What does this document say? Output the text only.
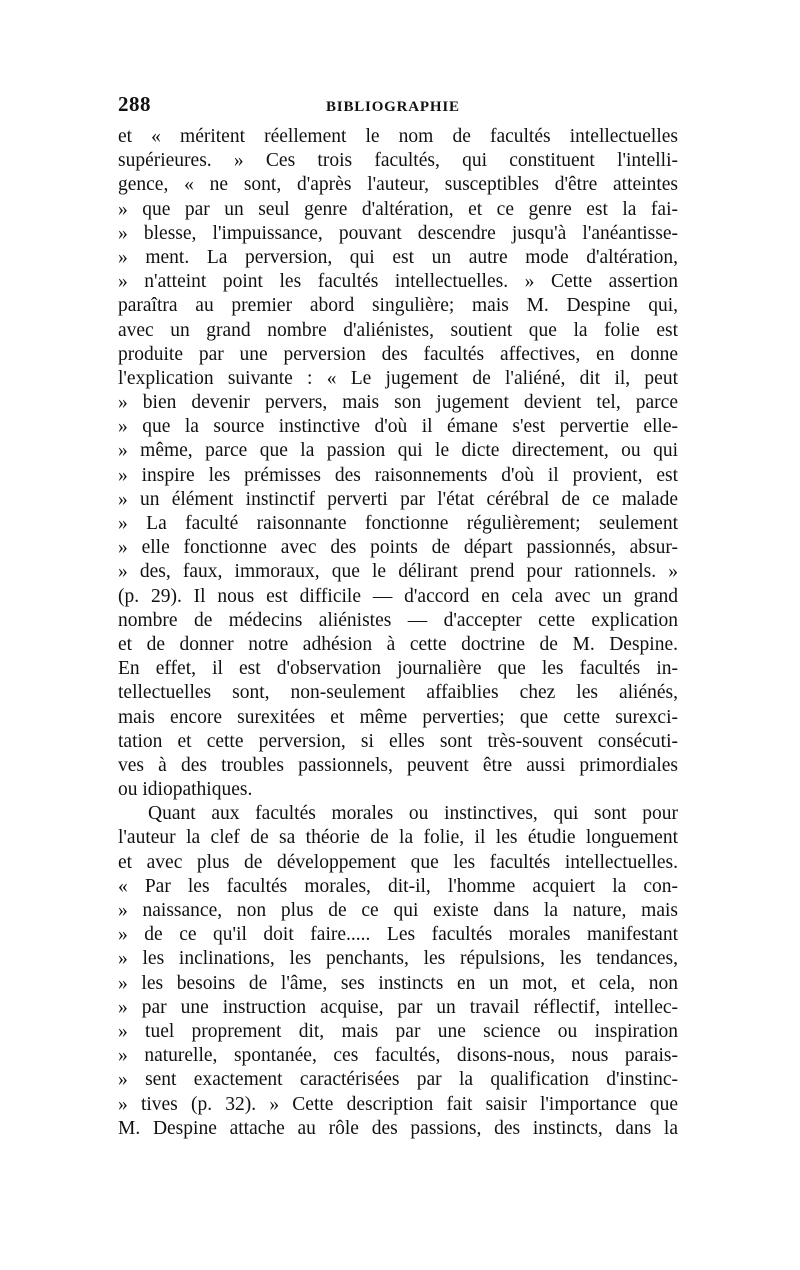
288	BIBLIOGRAPHIE
et « méritent réellement le nom de facultés intellectuelles
supérieures. » Ces trois facultés, qui constituent l'intelli-
gence, « ne sont, d'après l'auteur, susceptibles d'être atteintes
» que par un seul genre d'altération, et ce genre est la fai-
» blesse, l'impuissance, pouvant descendre jusqu'à l'anéantisse-
» ment. La perversion, qui est un autre mode d'altération,
» n'atteint point les facultés intellectuelles. » Cette assertion
paraîtra au premier abord singulière; mais M. Despine qui,
avec un grand nombre d'aliénistes, soutient que la folie est
produite par une perversion des facultés affectives, en donne
l'explication suivante : « Le jugement de l'aliéné, dit il, peut
» bien devenir pervers, mais son jugement devient tel, parce
» que la source instinctive d'où il émane s'est pervertie elle-
» même, parce que la passion qui le dicte directement, ou qui
» inspire les prémisses des raisonnements d'où il provient, est
» un élément instinctif perverti par l'état cérébral de ce malade
» La faculté raisonnante fonctionne régulièrement; seulement
» elle fonctionne avec des points de départ passionnés, absur-
» des, faux, immoraux, que le délirant prend pour rationnels. »
(p. 29). Il nous est difficile — d'accord en cela avec un grand
nombre de médecins aliénistes — d'accepter cette explication
et de donner notre adhésion à cette doctrine de M. Despine.
En effet, il est d'observation journalière que les facultés in-
tellectuelles sont, non-seulement affaiblies chez les aliénés,
mais encore surexitées et même perverties; que cette surexci-
tation et cette perversion, si elles sont très-souvent consécuti-
ves à des troubles passionnels, peuvent être aussi primordiales
ou idiopathiques.
Quant aux facultés morales ou instinctives, qui sont pour
l'auteur la clef de sa théorie de la folie, il les étudie longuement
et avec plus de développement que les facultés intellectuelles.
« Par les facultés morales, dit-il, l'homme acquiert la con-
» naissance, non plus de ce qui existe dans la nature, mais
» de ce qu'il doit faire..... Les facultés morales manifestant
» les inclinations, les penchants, les répulsions, les tendances,
» les besoins de l'âme, ses instincts en un mot, et cela, non
» par une instruction acquise, par un travail réflectif, intellec-
» tuel proprement dit, mais par une science ou inspiration
» naturelle, spontanée, ces facultés, disons-nous, nous parais-
» sent exactement caractérisées par la qualification d'instinc-
» tives (p. 32). » Cette description fait saisir l'importance que
M. Despine attache au rôle des passions, des instincts, dans la
